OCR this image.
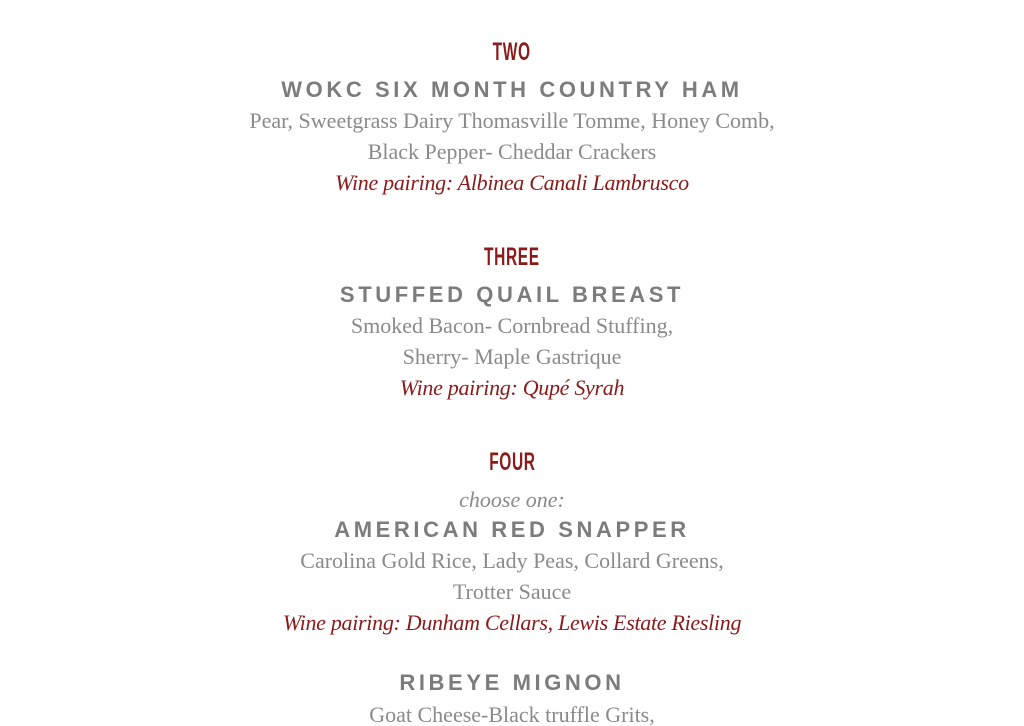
TWO
WOKC SIX MONTH COUNTRY HAM
Pear, Sweetgrass Dairy Thomasville Tomme, Honey Comb,
Black Pepper- Cheddar Crackers
Wine pairing: Albinea Canali Lambrusco
THREE
STUFFED QUAIL BREAST
Smoked Bacon- Cornbread Stuffing,
Sherry- Maple Gastrique
Wine pairing: Qupé Syrah
FOUR
choose one:
AMERICAN RED SNAPPER
Carolina Gold Rice, Lady Peas, Collard Greens,
Trotter Sauce
Wine pairing: Dunham Cellars, Lewis Estate Riesling
RIBEYE MIGNON
Goat Cheese-Black truffle Grits,
